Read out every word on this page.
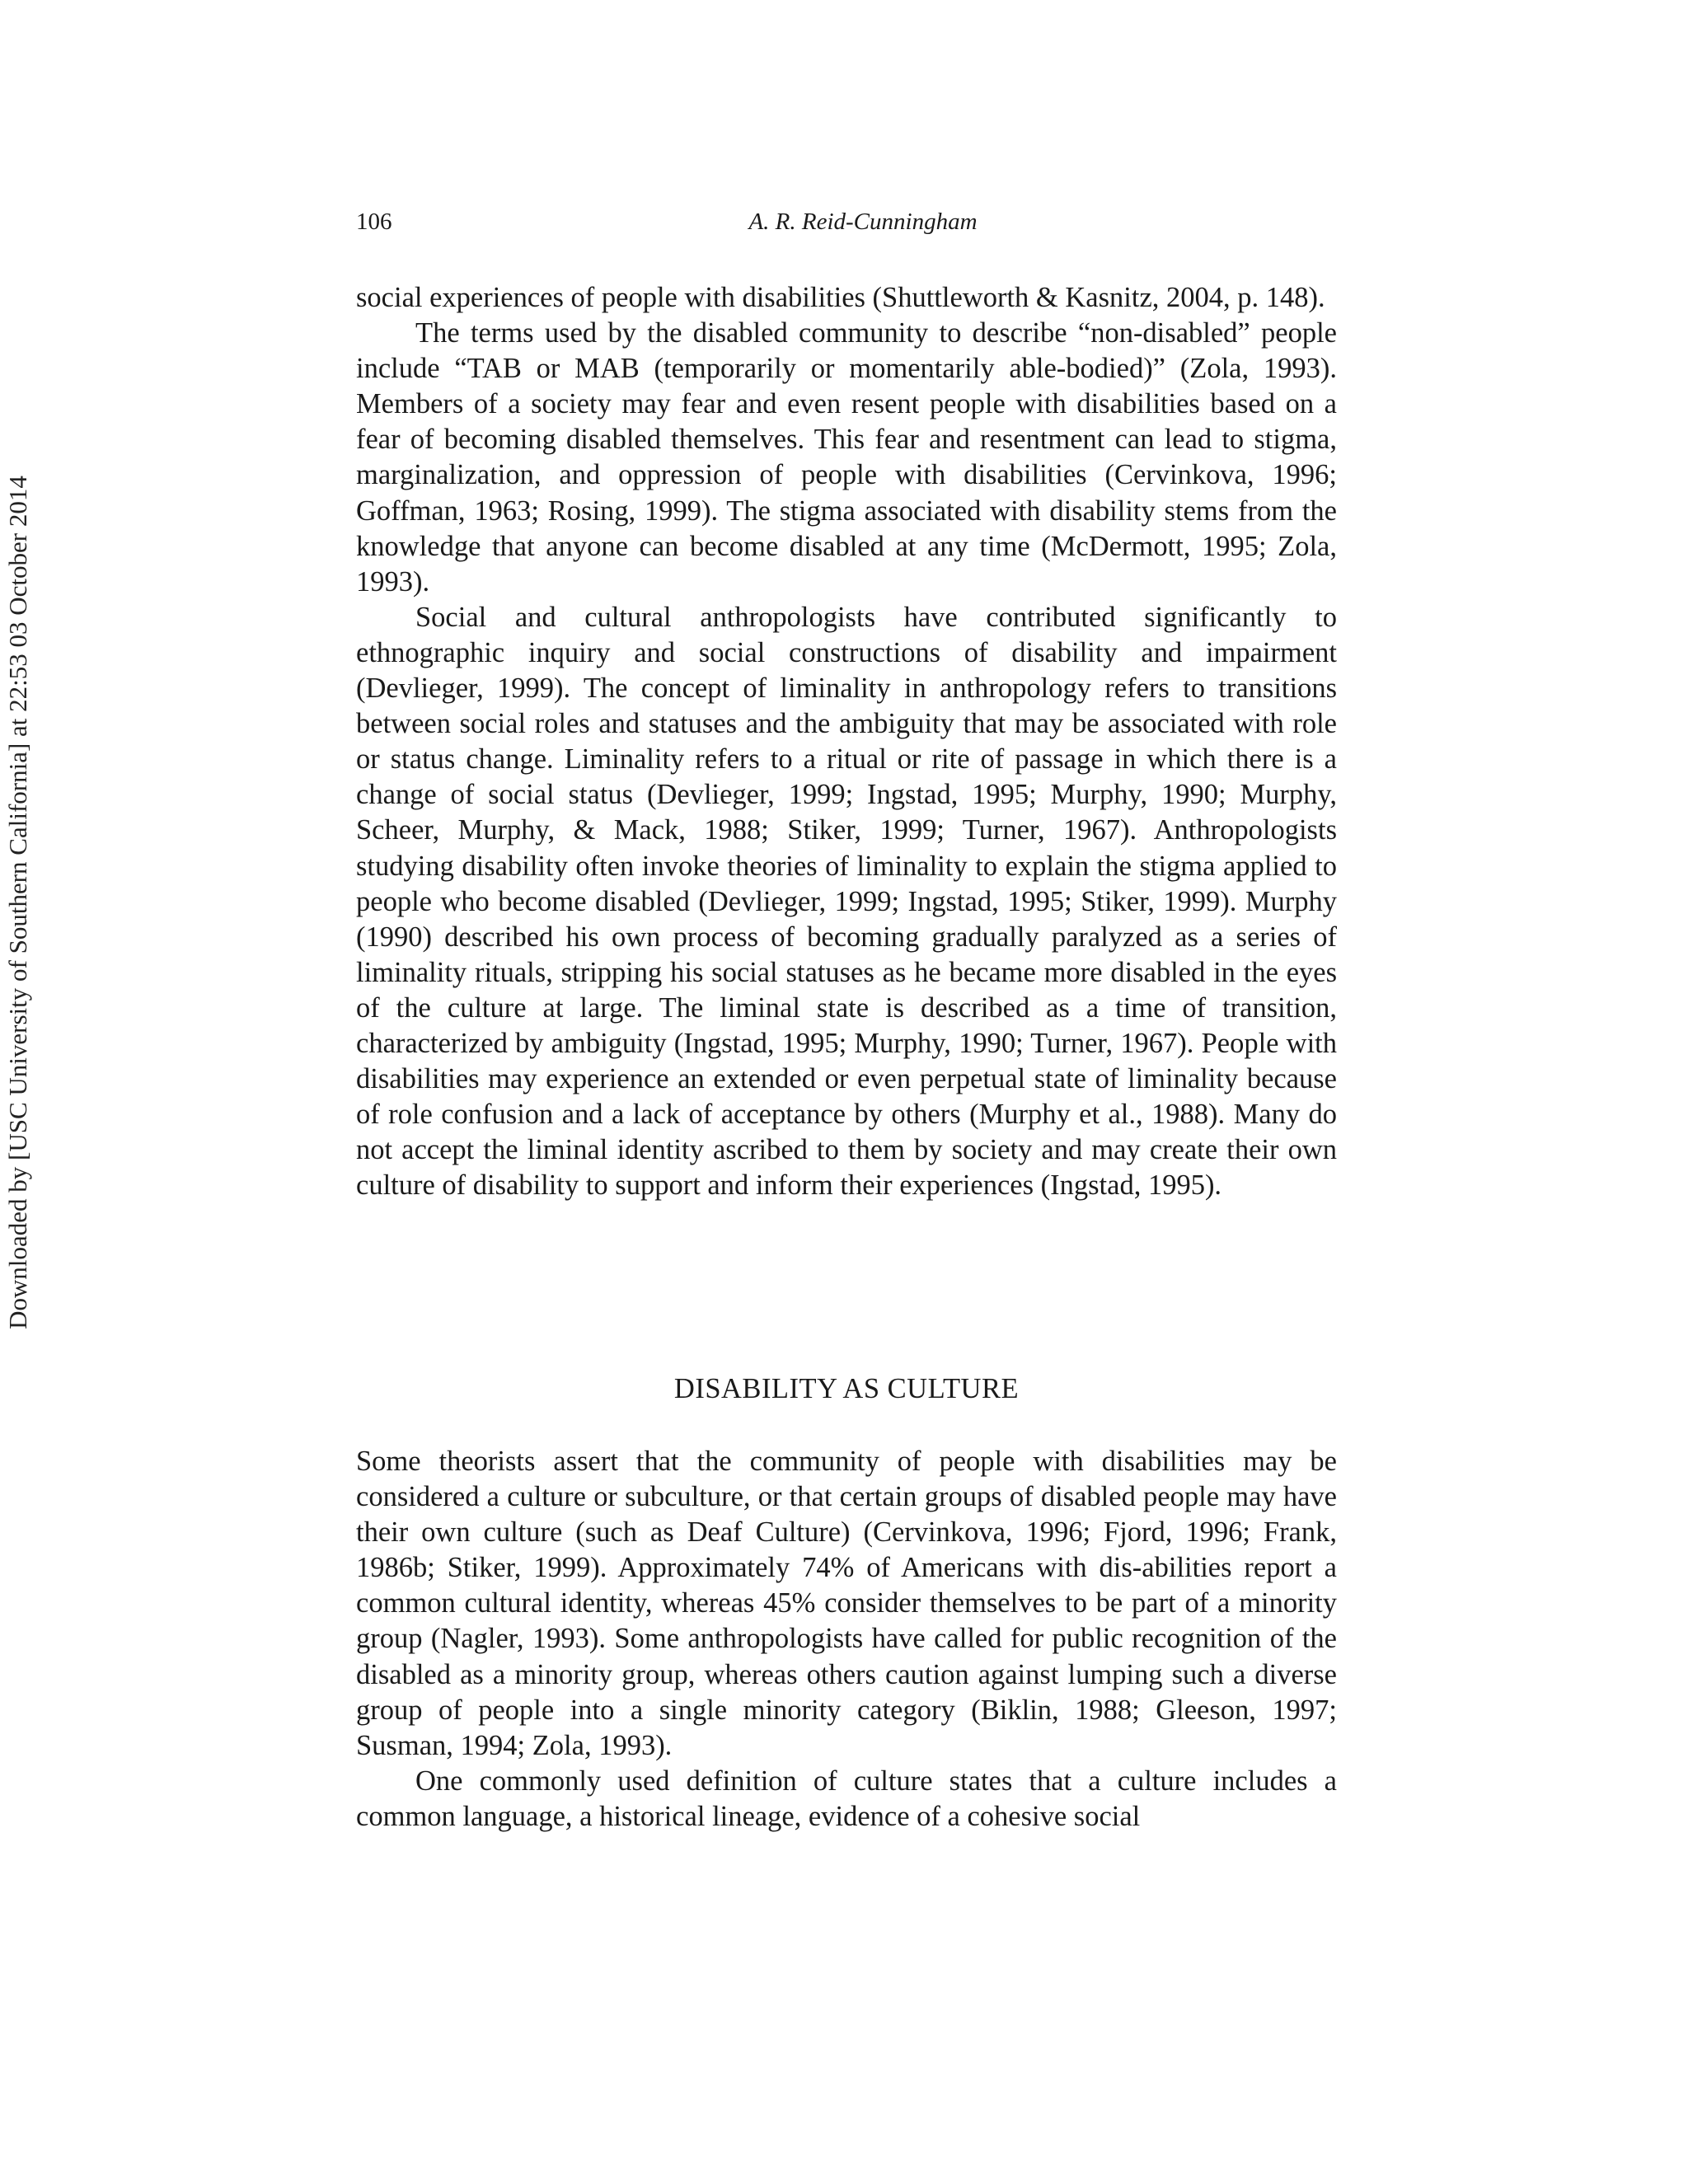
Downloaded by [USC University of Southern California] at 22:53 03 October 2014
106	A. R. Reid-Cunningham

social experiences of people with disabilities (Shuttleworth & Kasnitz, 2004, p. 148).

The terms used by the disabled community to describe “non-disabled” people include “TAB or MAB (temporarily or momentarily able-bodied)” (Zola, 1993). Members of a society may fear and even resent people with disabilities based on a fear of becoming disabled themselves. This fear and resentment can lead to stigma, marginalization, and oppression of people with disabilities (Cervinkova, 1996; Goffman, 1963; Rosing, 1999). The stigma associated with disability stems from the knowledge that anyone can become disabled at any time (McDermott, 1995; Zola, 1993).

Social and cultural anthropologists have contributed significantly to ethnographic inquiry and social constructions of disability and impairment (Devlieger, 1999). The concept of liminality in anthropology refers to transitions between social roles and statuses and the ambiguity that may be associated with role or status change. Liminality refers to a ritual or rite of passage in which there is a change of social status (Devlieger, 1999; Ingstad, 1995; Murphy, 1990; Murphy, Scheer, Murphy, & Mack, 1988; Stiker, 1999; Turner, 1967). Anthropologists studying disability often invoke theories of liminality to explain the stigma applied to people who become disabled (Devlieger, 1999; Ingstad, 1995; Stiker, 1999). Murphy (1990) described his own process of becoming gradually paralyzed as a series of liminality rituals, stripping his social statuses as he became more disabled in the eyes of the culture at large. The liminal state is described as a time of transition, characterized by ambiguity (Ingstad, 1995; Murphy, 1990; Turner, 1967). People with disabilities may experience an extended or even perpetual state of liminality because of role confusion and a lack of acceptance by others (Murphy et al., 1988). Many do not accept the liminal identity ascribed to them by society and may create their own culture of disability to support and inform their experiences (Ingstad, 1995).

DISABILITY AS CULTURE

Some theorists assert that the community of people with disabilities may be considered a culture or subculture, or that certain groups of disabled people may have their own culture (such as Deaf Culture) (Cervinkova, 1996; Fjord, 1996; Frank, 1986b; Stiker, 1999). Approximately 74% of Americans with dis-abilities report a common cultural identity, whereas 45% consider themselves to be part of a minority group (Nagler, 1993). Some anthropologists have called for public recognition of the disabled as a minority group, whereas others caution against lumping such a diverse group of people into a single minority category (Biklin, 1988; Gleeson, 1997; Susman, 1994; Zola, 1993).

One commonly used definition of culture states that a culture includes a common language, a historical lineage, evidence of a cohesive social
